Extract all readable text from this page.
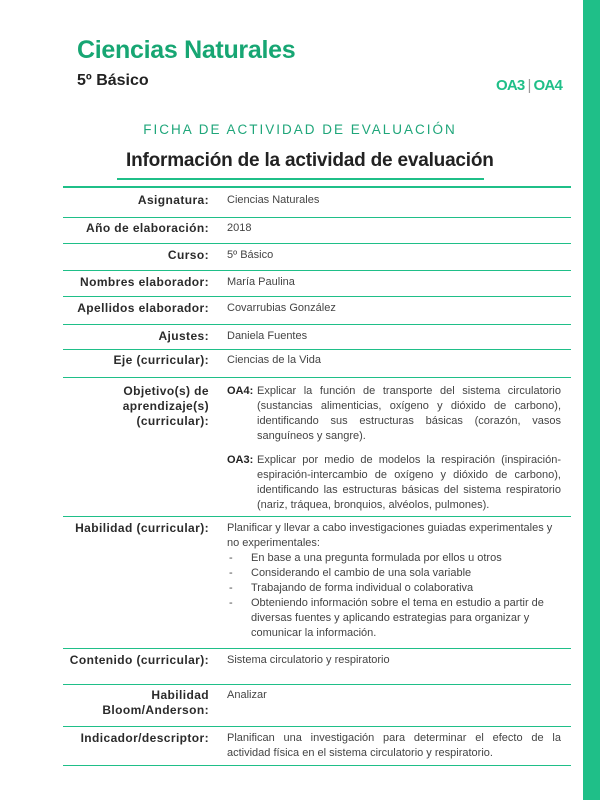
Ciencias Naturales
5º Básico	OA3 | OA4
FICHA DE ACTIVIDAD DE EVALUACIÓN
Información de la actividad de evaluación
Asignatura:	Ciencias Naturales
Año de elaboración:	2018
Curso:	5º Básico
Nombres elaborador:	María Paulina
Apellidos elaborador:	Covarrubias González
Ajustes:	Daniela Fuentes
Eje (curricular):	Ciencias de la Vida
Objetivo(s) de aprendizaje(s) (curricular):
OA4: Explicar la función de transporte del sistema circulatorio (sustancias alimenticias, oxígeno y dióxido de carbono), identificando sus estructuras básicas (corazón, vasos sanguíneos y sangre).
OA3: Explicar por medio de modelos la respiración (inspiración-espiración-intercambio de oxígeno y dióxido de carbono), identificando las estructuras básicas del sistema respiratorio (nariz, tráquea, bronquios, alvéolos, pulmones).
Habilidad (curricular):	Planificar y llevar a cabo investigaciones guiadas experimentales y no experimentales:
-	En base a una pregunta formulada por ellos u otros
-	Considerando el cambio de una sola variable
-	Trabajando de forma individual o colaborativa
-	Obteniendo información sobre el tema en estudio a partir de diversas fuentes y aplicando estrategias para organizar y comunicar la información.
Contenido (curricular):	Sistema circulatorio y respiratorio
Habilidad Bloom/Anderson:
Analizar
Indicador/descriptor:	Planifican una investigación para determinar el efecto de la actividad física en el sistema circulatorio y respiratorio.
